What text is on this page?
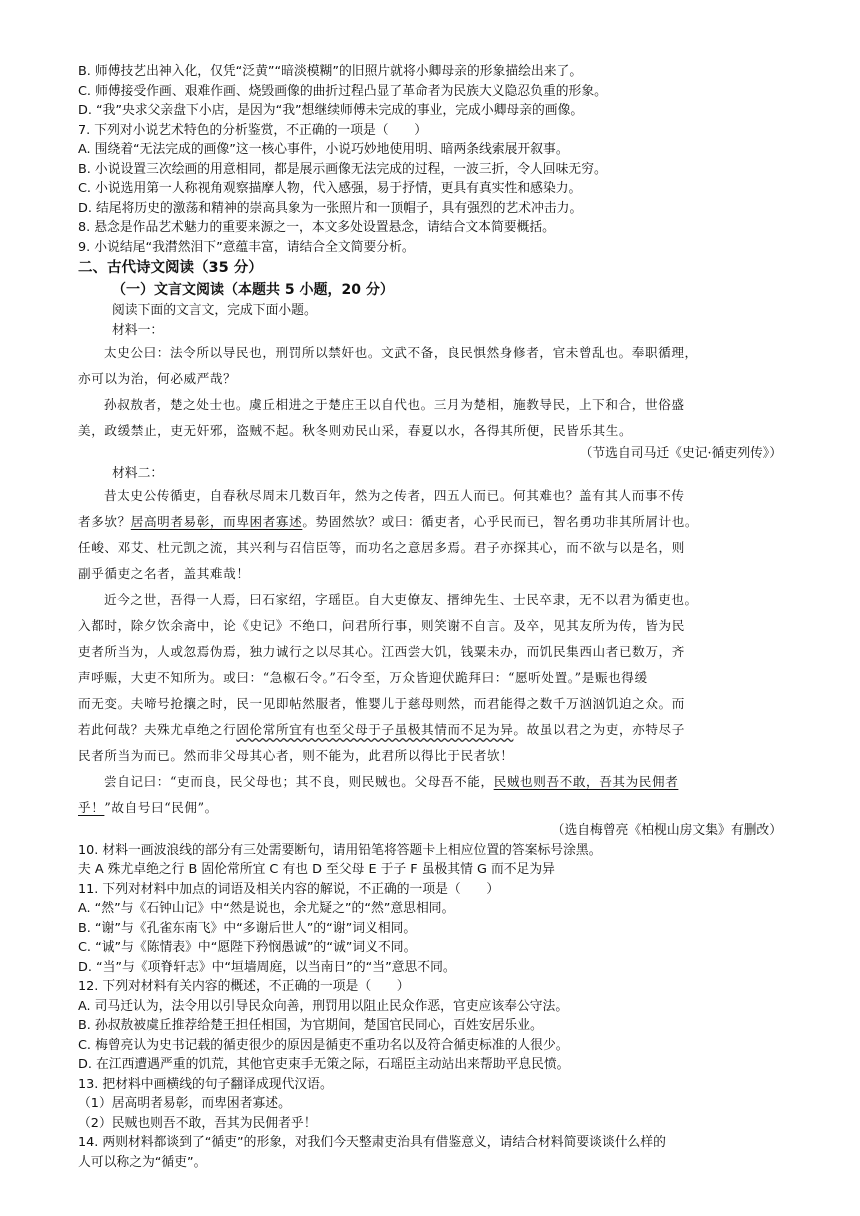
B. 师傅技艺出神入化，仅凭“泛黄”“暗淡模糊”的旧照片就将小卿母亲的形象描绘出来了。
C. 师傅接受作画、艰难作画、烧毁画像的曲折过程凸显了革命者为民族大义隐忍负重的形象。
D. “我”央求父亲盘下小店，是因为“我”想继续师傅未完成的事业，完成小卿母亲的画像。
7. 下列对小说艺术特色的分析鉴赏，不正确的一项是（　　）
A. 围绕着“无法完成的画像”这一核心事件，小说巧妙地使用明、暗两条线索展开叙事。
B. 小说设置三次绘画的用意相同，都是展示画像无法完成的过程，一波三折，令人回味无穷。
C. 小说选用第一人称视角观察描摩人物，代入感强，易于抒情，更具有真实性和感染力。
D. 结尾将历史的激荡和精神的崇高具象为一张照片和一顶帽子，具有强烈的艺术冲击力。
8. 悬念是作品艺术魅力的重要来源之一，本文多处设置悬念，请结合文本简要概括。
9. 小说结尾“我潸然泪下”意蕴丰富，请结合全文简要分析。
二、古代诗文阅读（35 分）
（一）文言文阅读（本题共 5 小题，20 分）
阅读下面的文言文，完成下面小题。
材料一：
太史公曰：法令所以导民也，刑罚所以禁奸也。文武不备，良民惧然身修者，官未曾乱也。奉职循理，
亦可以为治，何必威严哉？
孙叔敖者，楚之处士也。虞丘相进之于楚庄王以自代也。三月为楚相，施教导民，上下和合，世俗盛
美，政缓禁止，吏无奸邪，盗贼不起。秋冬则劝民山采，春夏以水，各得其所便，民皆乐其生。
（节选自司马迁《史记·循吏列传》）
材料二：
昔太史公传循吏，自春秋尽周末几数百年，然为之传者，四五人而已。何其难也？盖有其人而事不传
者多欤？居高明者易彰，而卑困者寡述。势固然欤？或曰：循吏者，心乎民而已，智名勇功非其所屑计也。
任峻、邓艾、杜元凯之流，其兴利与召信臣等，而功名之意居多焉。君子亦探其心，而不欲与以是名，则
副乎循吏之名者，盖其难哉！
近今之世，吾得一人焉，曰石家绍，字瑶臣。自大吏僚友、搢绅先生、士民卒隶，无不以君为循吏也。
入都时，除夕饮余斋中，论《史记》不绝口，问君所行事，则笑谢不自言。及卒，见其友所为传，皆为民
吏者所当为，人或忽焉伪焉，独力诚行之以尽其心。江西尝大饥，钱粟未办，而饥民集西山者已数万，齐
声呼赈，大吏不知所为。或曰：“急椒石令。”石令至，万众皆迎伏跪拜曰：“愿听处置。”是赈也得缓
而无变。夫啼号抢攘之时，民一见即帖然服者，惟婴儿于慈母则然，而君能得之数千万汹汹饥迫之众。而
若此何哉？夫殊尤卓绝之行固伦常所宜有也至父母于子虽极其情而不足为异。故虽以君之为吏，亦特尽子
民者所当为而已。然而非父母其心者，则不能为，此君所以得比于民者欤！
尝自记曰：“吏而良，民父母也；其不良，则民贼也。父母吾不能，民贼也则吾不敢，吾其为民佣者
乎！”故自号曰“民佣”。
（选自梅曾亮《柏枧山房文集》有删改）
10. 材料一画波浪线的部分有三处需要断句，请用铅笔将答题卡上相应位置的答案标号涂黑。
夫 A 殊尤卓绝之行 B 固伦常所宜 C 有也 D 至父母 E 于子 F 虽极其情 G 而不足为异
11. 下列对材料中加点的词语及相关内容的解说，不正确的一项是（　　）
A. “然”与《石钟山记》中“然是说也，余尤疑之”的“然”意思相同。
B. “谢”与《孔雀东南飞》中“多谢后世人”的“谢”词义相同。
C. “诚”与《陈情表》中“愿陛下矜悯愚诚”的“诚”词义不同。
D. “当”与《项脊轩志》中“垣墙周庭，以当南日”的“当”意思不同。
12. 下列对材料有关内容的概述，不正确的一项是（　　）
A. 司马迁认为，法令用以引导民众向善，刑罚用以阻止民众作恶，官吏应该奉公守法。
B. 孙叔敖被虞丘推荐给楚王担任相国，为官期间，楚国官民同心，百姓安居乐业。
C. 梅曾亮认为史书记载的循吏很少的原因是循吏不重功名以及符合循吏标准的人很少。
D. 在江西遭遇严重的饥荒，其他官吏束手无策之际，石瑶臣主动站出来帮助平息民愤。
13. 把材料中画横线的句子翻译成现代汉语。
（1）居高明者易彰，而卑困者寡述。
（2）民贼也则吾不敢，吾其为民佣者乎！
14. 两则材料都谈到了“循吏”的形象，对我们今天整肃吏治具有借鉴意义，请结合材料简要谈谈什么样的
人可以称之为“循吏”。
